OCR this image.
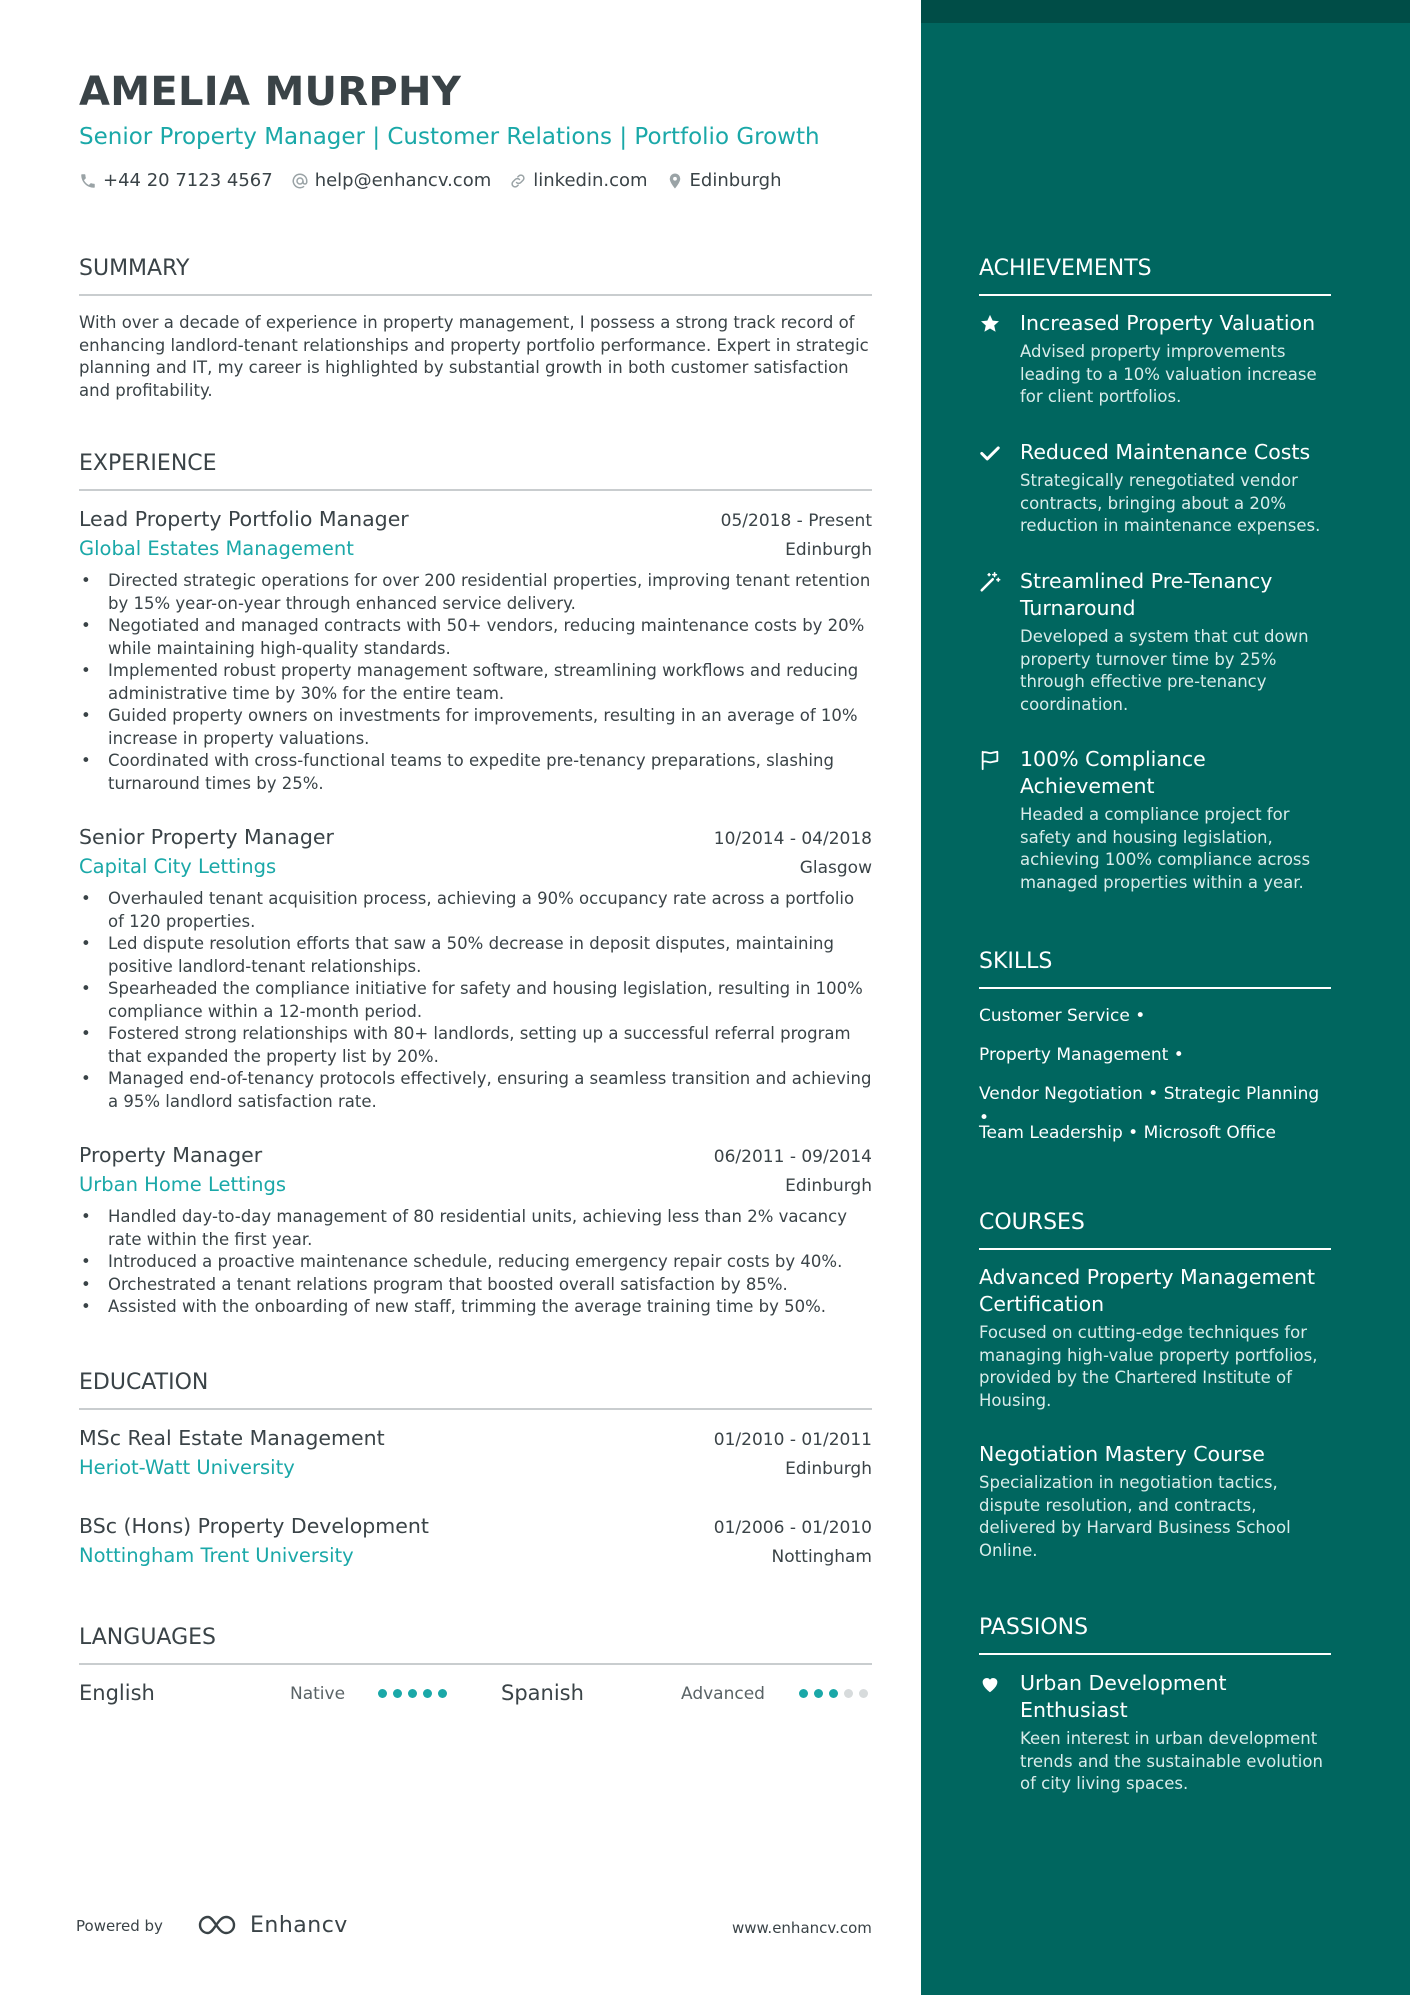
AMELIA MURPHY
Senior Property Manager | Customer Relations | Portfolio Growth
+44 20 7123 4567 help@enhancv.com linkedin.com Edinburgh
SUMMARY
With over a decade of experience in property management, I possess a strong track record of enhancing landlord-tenant relationships and property portfolio performance. Expert in strategic planning and IT, my career is highlighted by substantial growth in both customer satisfaction and profitability.
EXPERIENCE
Lead Property Portfolio Manager	05/2018 - Present
Global Estates Management	Edinburgh
• Directed strategic operations for over 200 residential properties, improving tenant retention by 15% year-on-year through enhanced service delivery.
• Negotiated and managed contracts with 50+ vendors, reducing maintenance costs by 20% while maintaining high-quality standards.
• Implemented robust property management software, streamlining workflows and reducing administrative time by 30% for the entire team.
• Guided property owners on investments for improvements, resulting in an average of 10% increase in property valuations.
• Coordinated with cross-functional teams to expedite pre-tenancy preparations, slashing turnaround times by 25%.
Senior Property Manager	10/2014 - 04/2018
Capital City Lettings	Glasgow
• Overhauled tenant acquisition process, achieving a 90% occupancy rate across a portfolio of 120 properties.
• Led dispute resolution efforts that saw a 50% decrease in deposit disputes, maintaining positive landlord-tenant relationships.
• Spearheaded the compliance initiative for safety and housing legislation, resulting in 100% compliance within a 12-month period.
• Fostered strong relationships with 80+ landlords, setting up a successful referral program that expanded the property list by 20%.
• Managed end-of-tenancy protocols effectively, ensuring a seamless transition and achieving a 95% landlord satisfaction rate.
Property Manager	06/2011 - 09/2014
Urban Home Lettings	Edinburgh
• Handled day-to-day management of 80 residential units, achieving less than 2% vacancy rate within the first year.
• Introduced a proactive maintenance schedule, reducing emergency repair costs by 40%.
• Orchestrated a tenant relations program that boosted overall satisfaction by 85%.
• Assisted with the onboarding of new staff, trimming the average training time by 50%.
EDUCATION
MSc Real Estate Management	01/2010 - 01/2011
Heriot-Watt University	Edinburgh
BSc (Hons) Property Development	01/2006 - 01/2010
Nottingham Trent University	Nottingham
LANGUAGES
English	Native	Spanish	Advanced
Powered by	Enhancv	www.enhancv.com
ACHIEVEMENTS
Increased Property Valuation
Advised property improvements leading to a 10% valuation increase for client portfolios.
Reduced Maintenance Costs
Strategically renegotiated vendor contracts, bringing about a 20% reduction in maintenance expenses.
Streamlined Pre-Tenancy Turnaround
Developed a system that cut down property turnover time by 25% through effective pre-tenancy coordination.
100% Compliance Achievement
Headed a compliance project for safety and housing legislation, achieving 100% compliance across managed properties within a year.
SKILLS
Customer Service •
Property Management •
Vendor Negotiation • Strategic Planning •
Team Leadership • Microsoft Office
COURSES
Advanced Property Management Certification
Focused on cutting-edge techniques for managing high-value property portfolios, provided by the Chartered Institute of Housing.
Negotiation Mastery Course
Specialization in negotiation tactics, dispute resolution, and contracts, delivered by Harvard Business School Online.
PASSIONS
Urban Development Enthusiast
Keen interest in urban development trends and the sustainable evolution of city living spaces.
